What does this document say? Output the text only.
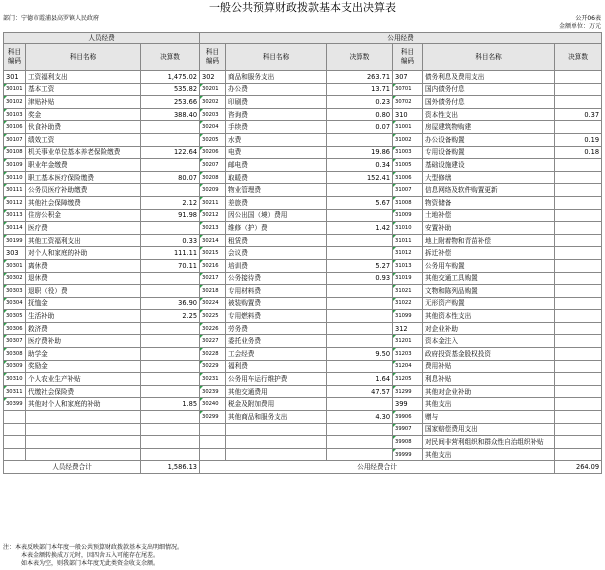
一般公共预算财政拨款基本支出决算表
部门：宁德市霞浦县高罗镇人民政府	公开06表
金额单位：万元
人员经费			公用经费					
科目
编码	科目名称	决算数	科目
编码	科目名称	决算数	科目
编码	科目名称	决算数
301	工资福利支出	1,475.02	302	商品和服务支出	263.71	307	债务利息及费用支出	
30101	基本工资	535.82	30201	办公费	13.71	30701	国内债务付息	
30102	津贴补贴	253.66	30202	印刷费	0.23	30702	国外债务付息	
30103	奖金	388.40	30203	咨询费	0.80	310	资本性支出	0.37
30106	伙食补助费		30204	手续费	0.07	31001	房屋建筑物购建	
30107	绩效工资		30205	水费		31002	办公设备购置	0.19
30108	机关事业单位基本养老保险缴费	122.64	30206	电费	19.86	31003	专用设备购置	0.18
30109	职业年金缴费		30207	邮电费	0.34	31005	基础设施建设	
30110	职工基本医疗保险缴费	80.07	30208	取暖费	152.41	31006	大型修缮	
30111	公务员医疗补助缴费		30209	物业管理费		31007	信息网络及软件购置更新	
30112	其他社会保障缴费	2.12	30211	差旅费	5.67	31008	物资储备	
30113	住房公积金	91.98	30212	因公出国（境）费用		31009	土地补偿	
30114	医疗费		30213	维修（护）费	1.42	31010	安置补助	
30199	其他工资福利支出	0.33	30214	租赁费		31011	地上附着物和青苗补偿	
303	对个人和家庭的补助	111.11	30215	会议费		31012	拆迁补偿	
30301	离休费	70.11	30216	培训费	5.27	31013	公务用车购置	
30302	退休费		30217	公务接待费	0.93	31019	其他交通工具购置	
30303	退职（役）费		30218	专用材料费		31021	文物和陈列品购置	
30304	抚恤金	36.90	30224	被装购置费		31022	无形资产购置	
30305	生活补助	2.25	30225	专用燃料费		31099	其他资本性支出	
30306	救济费		30226	劳务费		312	对企业补助	
30307	医疗费补助		30227	委托业务费		31201	资本金注入	
30308	助学金		30228	工会经费	9.50	31203	政府投资基金股权投资	
30309	奖励金		30229	福利费		31204	费用补贴	
30310	个人农业生产补贴		30231	公务用车运行维护费	1.64	31205	利息补贴	
30311	代缴社会保险费		30239	其他交通费用	47.57	31299	其他对企业补助	
30399	其他对个人和家庭的补助	1.85	30240	税金及附加费用		399	其他支出	
			30299	其他商品和服务支出	4.30	39906	赠与	
						39907	国家赔偿费用支出	
						39908	对民间非营利组织和群众性自治组织补贴	
						39999	其他支出	
人员经费合计		1,586.13	公用经费合计					264.09
注：本表反映部门本年度一般公共预算财政拨款基本支出明细情况。
本表金额转换成万元时，因四舍五入可能存在尾差。
如本表为空，则我部门本年度无此类资金收支余额。
